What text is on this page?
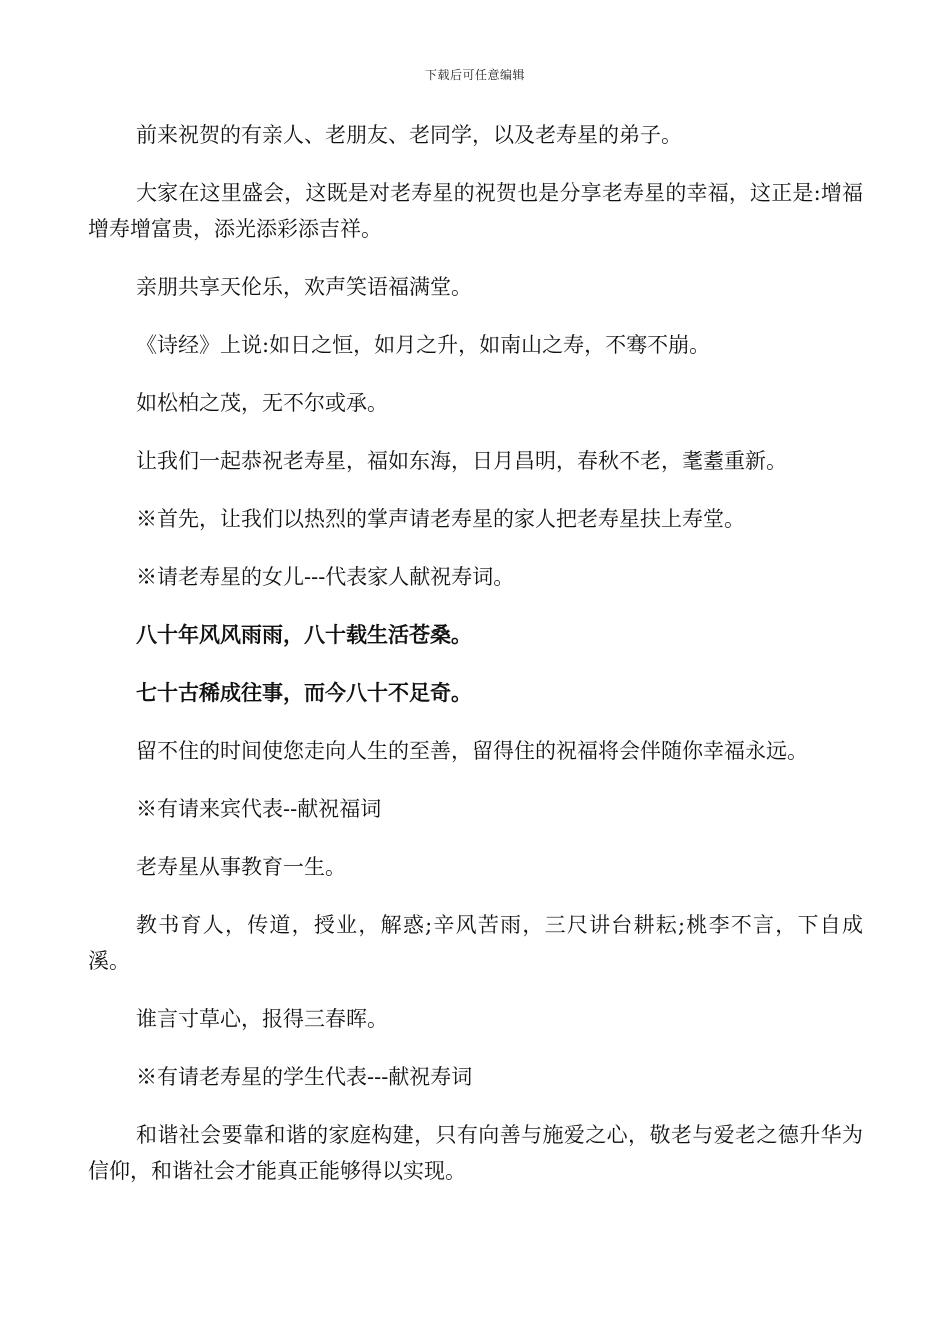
下载后可任意编辑

前来祝贺的有亲人、老朋友、老同学，以及老寿星的弟子。

大家在这里盛会，这既是对老寿星的祝贺也是分享老寿星的幸福，这正是:增福增寿增富贵，添光添彩添吉祥。

亲朋共享天伦乐，欢声笑语福满堂。

《诗经》上说:如日之恒，如月之升，如南山之寿，不骞不崩。

如松柏之茂，无不尔或承。

让我们一起恭祝老寿星，福如东海，日月昌明，春秋不老，耄耋重新。

※首先，让我们以热烈的掌声请老寿星的家人把老寿星扶上寿堂。

※请老寿星的女儿---代表家人献祝寿词。

八十年风风雨雨，八十载生活苍桑。

七十古稀成往事，而今八十不足奇。

留不住的时间使您走向人生的至善，留得住的祝福将会伴随你幸福永远。

※有请来宾代表--献祝福词

老寿星从事教育一生。

教书育人，传道，授业，解惑;辛风苦雨，三尺讲台耕耘;桃李不言，下自成溪。

谁言寸草心，报得三春晖。

※有请老寿星的学生代表---献祝寿词

和谐社会要靠和谐的家庭构建，只有向善与施爱之心，敬老与爱老之德升华为信仰，和谐社会才能真正能够得以实现。
